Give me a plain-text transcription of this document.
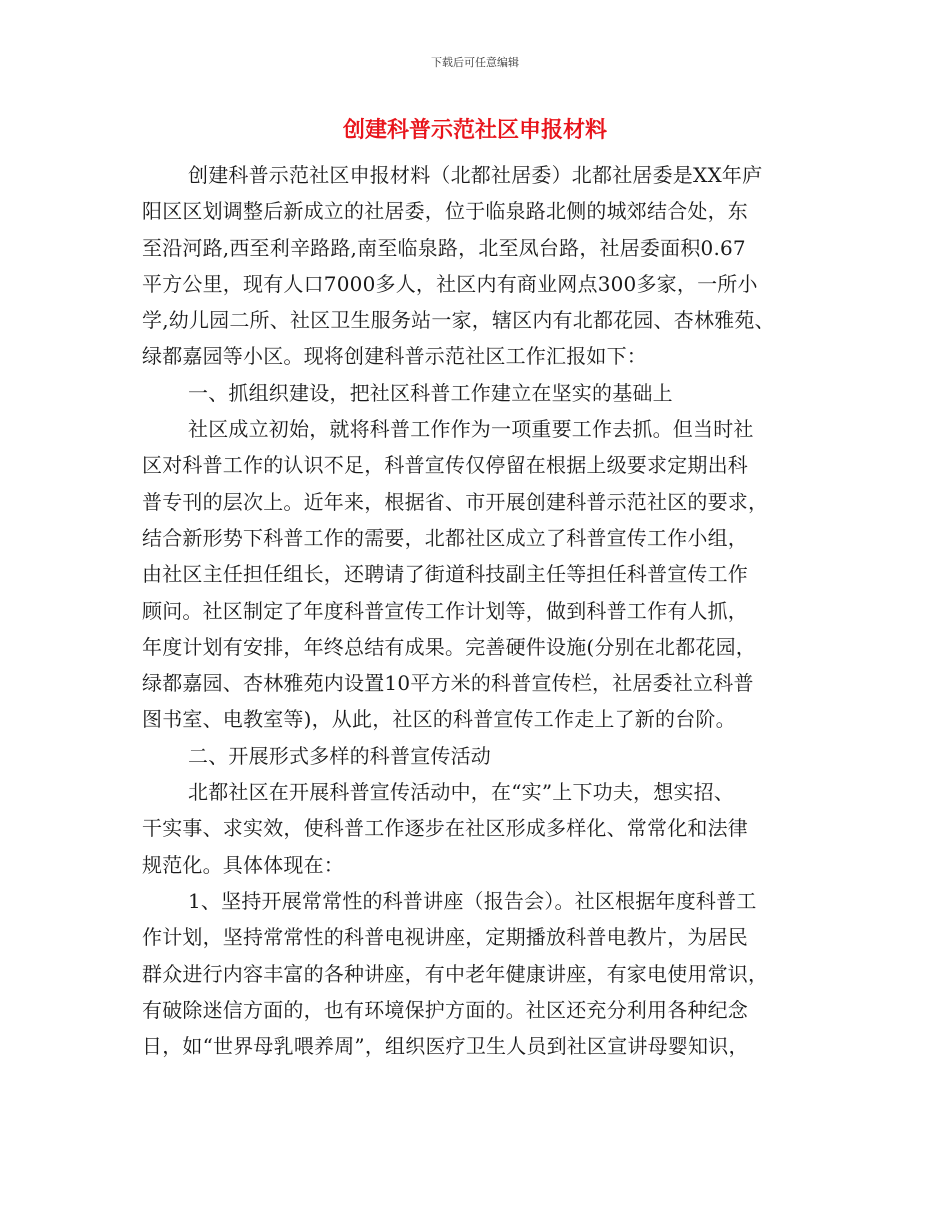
下载后可任意编辑
创建科普示范社区申报材料
创建科普示范社区申报材料（北都社居委）北都社居委是XX年庐
阳区区划调整后新成立的社居委，位于临泉路北侧的城郊结合处，东
至沿河路,西至利辛路路,南至临泉路，北至凤台路，社居委面积0.67
平方公里，现有人口7000多人，社区内有商业网点300多家，一所小
学,幼儿园二所、社区卫生服务站一家，辖区内有北都花园、杏林雅苑、
绿都嘉园等小区。现将创建科普示范社区工作汇报如下：
一、抓组织建设，把社区科普工作建立在坚实的基础上
社区成立初始，就将科普工作作为一项重要工作去抓。但当时社
区对科普工作的认识不足，科普宣传仅停留在根据上级要求定期出科
普专刊的层次上。近年来，根据省、市开展创建科普示范社区的要求，
结合新形势下科普工作的需要，北都社区成立了科普宣传工作小组，
由社区主任担任组长，还聘请了街道科技副主任等担任科普宣传工作
顾问。社区制定了年度科普宣传工作计划等，做到科普工作有人抓，
年度计划有安排，年终总结有成果。完善硬件设施(分别在北都花园，
绿都嘉园、杏林雅苑内设置10平方米的科普宣传栏，社居委社立科普
图书室、电教室等)，从此，社区的科普宣传工作走上了新的台阶。
二、开展形式多样的科普宣传活动
北都社区在开展科普宣传活动中，在“实”上下功夫，想实招、
干实事、求实效，使科普工作逐步在社区形成多样化、常常化和法律
规范化。具体体现在：
1、坚持开展常常性的科普讲座（报告会）。社区根据年度科普工
作计划，坚持常常性的科普电视讲座，定期播放科普电教片，为居民
群众进行内容丰富的各种讲座，有中老年健康讲座，有家电使用常识，
有破除迷信方面的，也有环境保护方面的。社区还充分利用各种纪念
日，如“世界母乳喂养周”，组织医疗卫生人员到社区宣讲母婴知识，
